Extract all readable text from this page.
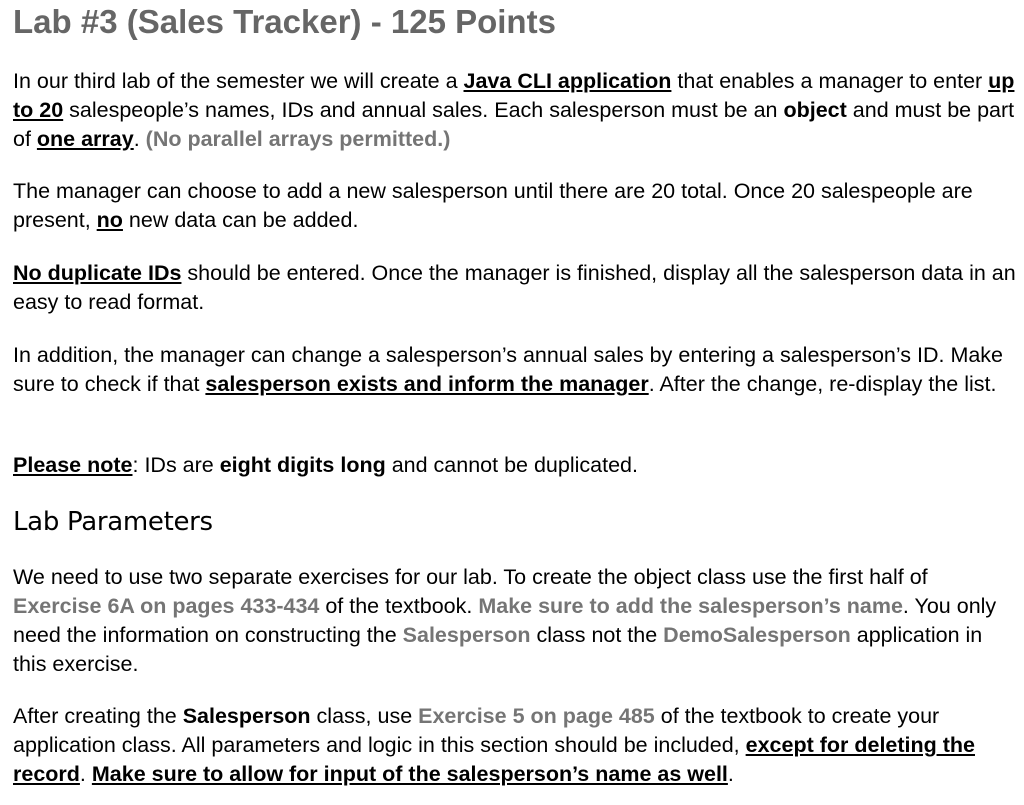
Lab #3 (Sales Tracker) - 125 Points

In our third lab of the semester we will create a Java CLI application that enables a manager to enter up to 20 salespeople’s names, IDs and annual sales. Each salesperson must be an object and must be part of one array. (No parallel arrays permitted.)

The manager can choose to add a new salesperson until there are 20 total. Once 20 salespeople are present, no new data can be added.

No duplicate IDs should be entered. Once the manager is finished, display all the salesperson data in an easy to read format.

In addition, the manager can change a salesperson’s annual sales by entering a salesperson’s ID. Make sure to check if that salesperson exists and inform the manager. After the change, re-display the list.

Please note: IDs are eight digits long and cannot be duplicated.

Lab Parameters

We need to use two separate exercises for our lab. To create the object class use the first half of Exercise 6A on pages 433-434 of the textbook. Make sure to add the salesperson’s name. You only need the information on constructing the Salesperson class not the DemoSalesperson application in this exercise.

After creating the Salesperson class, use Exercise 5 on page 485 of the textbook to create your application class. All parameters and logic in this section should be included, except for deleting the record. Make sure to allow for input of the salesperson’s name as well.
